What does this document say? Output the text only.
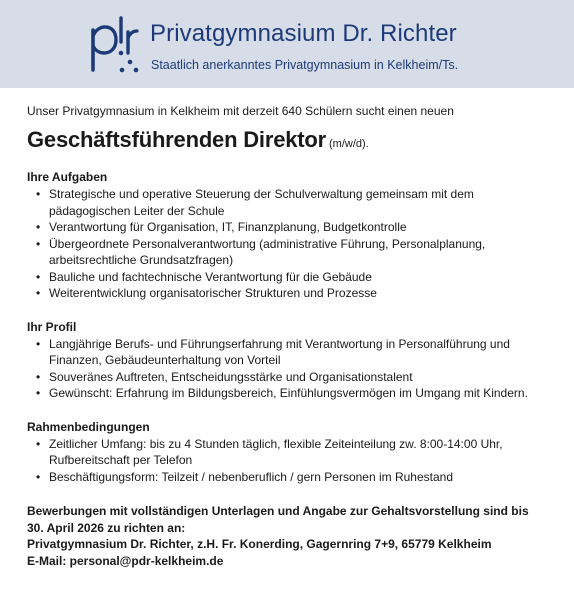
Privatgymnasium Dr. Richter
Staatlich anerkanntes Privatgymnasium in Kelkheim/Ts.
Unser Privatgymnasium in Kelkheim mit derzeit 640 Schülern sucht einen neuen
Geschäftsführenden Direktor (m/w/d).
Ihre Aufgaben
• Strategische und operative Steuerung der Schulverwaltung gemeinsam mit dem
pädagogischen Leiter der Schule
• Verantwortung für Organisation, IT, Finanzplanung, Budgetkontrolle
• Übergeordnete Personalverantwortung (administrative Führung, Personalplanung,
arbeitsrechtliche Grundsatzfragen)
• Bauliche und fachtechnische Verantwortung für die Gebäude
• Weiterentwicklung organisatorischer Strukturen und Prozesse
Ihr Profil
• Langjährige Berufs- und Führungserfahrung mit Verantwortung in Personalführung und
Finanzen, Gebäudeunterhaltung von Vorteil
• Souveränes Auftreten, Entscheidungsstärke und Organisationstalent
• Gewünscht: Erfahrung im Bildungsbereich, Einfühlungsvermögen im Umgang mit Kindern.
Rahmenbedingungen
• Zeitlicher Umfang: bis zu 4 Stunden täglich, flexible Zeiteinteilung zw. 8:00-14:00 Uhr,
Rufbereitschaft per Telefon
• Beschäftigungsform: Teilzeit / nebenberuflich / gern Personen im Ruhestand
Bewerbungen mit vollständigen Unterlagen und Angabe zur Gehaltsvorstellung sind bis
30. April 2026 zu richten an:
Privatgymnasium Dr. Richter, z.H. Fr. Konerding, Gagernring 7+9, 65779 Kelkheim
E-Mail: personal@pdr-kelkheim.de
